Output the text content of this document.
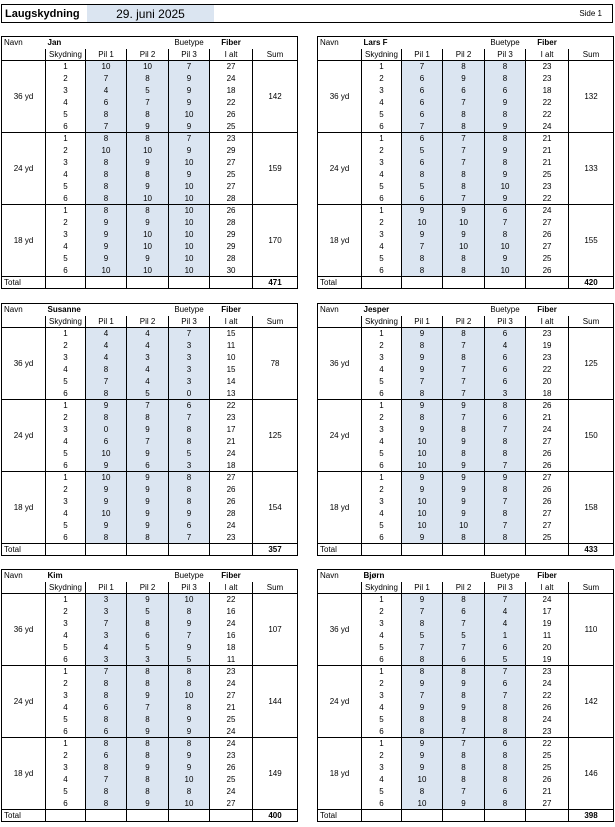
Laugskydning	29. juni 2025	Side 1
Navn	Jan			Buetype	Fiber	
	Skydning	Pil 1	Pil 2	Pil 3	I alt	Sum
36 yd	1	10	10	7	27	142
	2	7	8	9	24	
	3	4	5	9	18	
	4	6	7	9	22	
	5	8	8	10	26	
	6	7	9	9	25	
24 yd	1	8	8	7	23	159
	2	10	10	9	29	
	3	8	9	10	27	
	4	8	8	9	25	
	5	8	9	10	27	
	6	8	10	10	28	
18 yd	1	8	8	10	26	170
	2	9	9	10	28	
	3	9	10	10	29	
	4	9	10	10	29	
	5	9	9	10	28	
	6	10	10	10	30	
Total						471
Navn	Lars F			Buetype	Fiber	
	Skydning	Pil 1	Pil 2	Pil 3	I alt	Sum
36 yd	1	7	8	8	23	132
	2	6	9	8	23	
	3	6	6	6	18	
	4	6	7	9	22	
	5	6	8	8	22	
	6	7	8	9	24	
24 yd	1	6	7	8	21	133
	2	5	7	9	21	
	3	6	7	8	21	
	4	8	8	9	25	
	5	5	8	10	23	
	6	6	7	9	22	
18 yd	1	9	9	6	24	155
	2	10	10	7	27	
	3	9	9	8	26	
	4	7	10	10	27	
	5	8	8	9	25	
	6	8	8	10	26	
Total						420
Navn	Susanne			Buetype	Fiber	
	Skydning	Pil 1	Pil 2	Pil 3	I alt	Sum
36 yd	1	4	4	7	15	78
	2	4	4	3	11	
	3	4	3	3	10	
	4	8	4	3	15	
	5	7	4	3	14	
	6	8	5	0	13	
24 yd	1	9	7	6	22	125
	2	8	8	7	23	
	3	0	9	8	17	
	4	6	7	8	21	
	5	10	9	5	24	
	6	9	6	3	18	
18 yd	1	10	9	8	27	154
	2	9	9	8	26	
	3	9	9	8	26	
	4	10	9	9	28	
	5	9	9	6	24	
	6	8	8	7	23	
Total						357
Navn	Jesper			Buetype	Fiber	
	Skydning	Pil 1	Pil 2	Pil 3	I alt	Sum
36 yd	1	9	8	6	23	125
	2	8	7	4	19	
	3	9	8	6	23	
	4	9	7	6	22	
	5	7	7	6	20	
	6	8	7	3	18	
24 yd	1	9	9	8	26	150
	2	8	7	6	21	
	3	9	8	7	24	
	4	10	9	8	27	
	5	10	8	8	26	
	6	10	9	7	26	
18 yd	1	9	9	9	27	158
	2	9	9	8	26	
	3	10	9	7	26	
	4	10	9	8	27	
	5	10	10	7	27	
	6	9	8	8	25	
Total						433
Navn	Kim			Buetype	Fiber	
	Skydning	Pil 1	Pil 2	Pil 3	I alt	Sum
36 yd	1	3	9	10	22	107
	2	3	5	8	16	
	3	7	8	9	24	
	4	3	6	7	16	
	5	4	5	9	18	
	6	3	3	5	11	
24 yd	1	7	8	8	23	144
	2	8	8	8	24	
	3	8	9	10	27	
	4	6	7	8	21	
	5	8	8	9	25	
	6	6	9	9	24	
18 yd	1	8	8	8	24	149
	2	6	8	9	23	
	3	8	9	9	26	
	4	7	8	10	25	
	5	8	8	8	24	
	6	8	9	10	27	
Total						400
Navn	Bjørn			Buetype	Fiber	
	Skydning	Pil 1	Pil 2	Pil 3	I alt	Sum
36 yd	1	9	8	7	24	110
	2	7	6	4	17	
	3	8	7	4	19	
	4	5	5	1	11	
	5	7	7	6	20	
	6	8	6	5	19	
24 yd	1	8	8	7	23	142
	2	9	9	6	24	
	3	7	8	7	22	
	4	9	9	8	26	
	5	8	8	8	24	
	6	8	7	8	23	
18 yd	1	9	7	6	22	146
	2	9	8	8	25	
	3	9	8	8	25	
	4	10	8	8	26	
	5	8	7	6	21	
	6	10	9	8	27	
Total						398
